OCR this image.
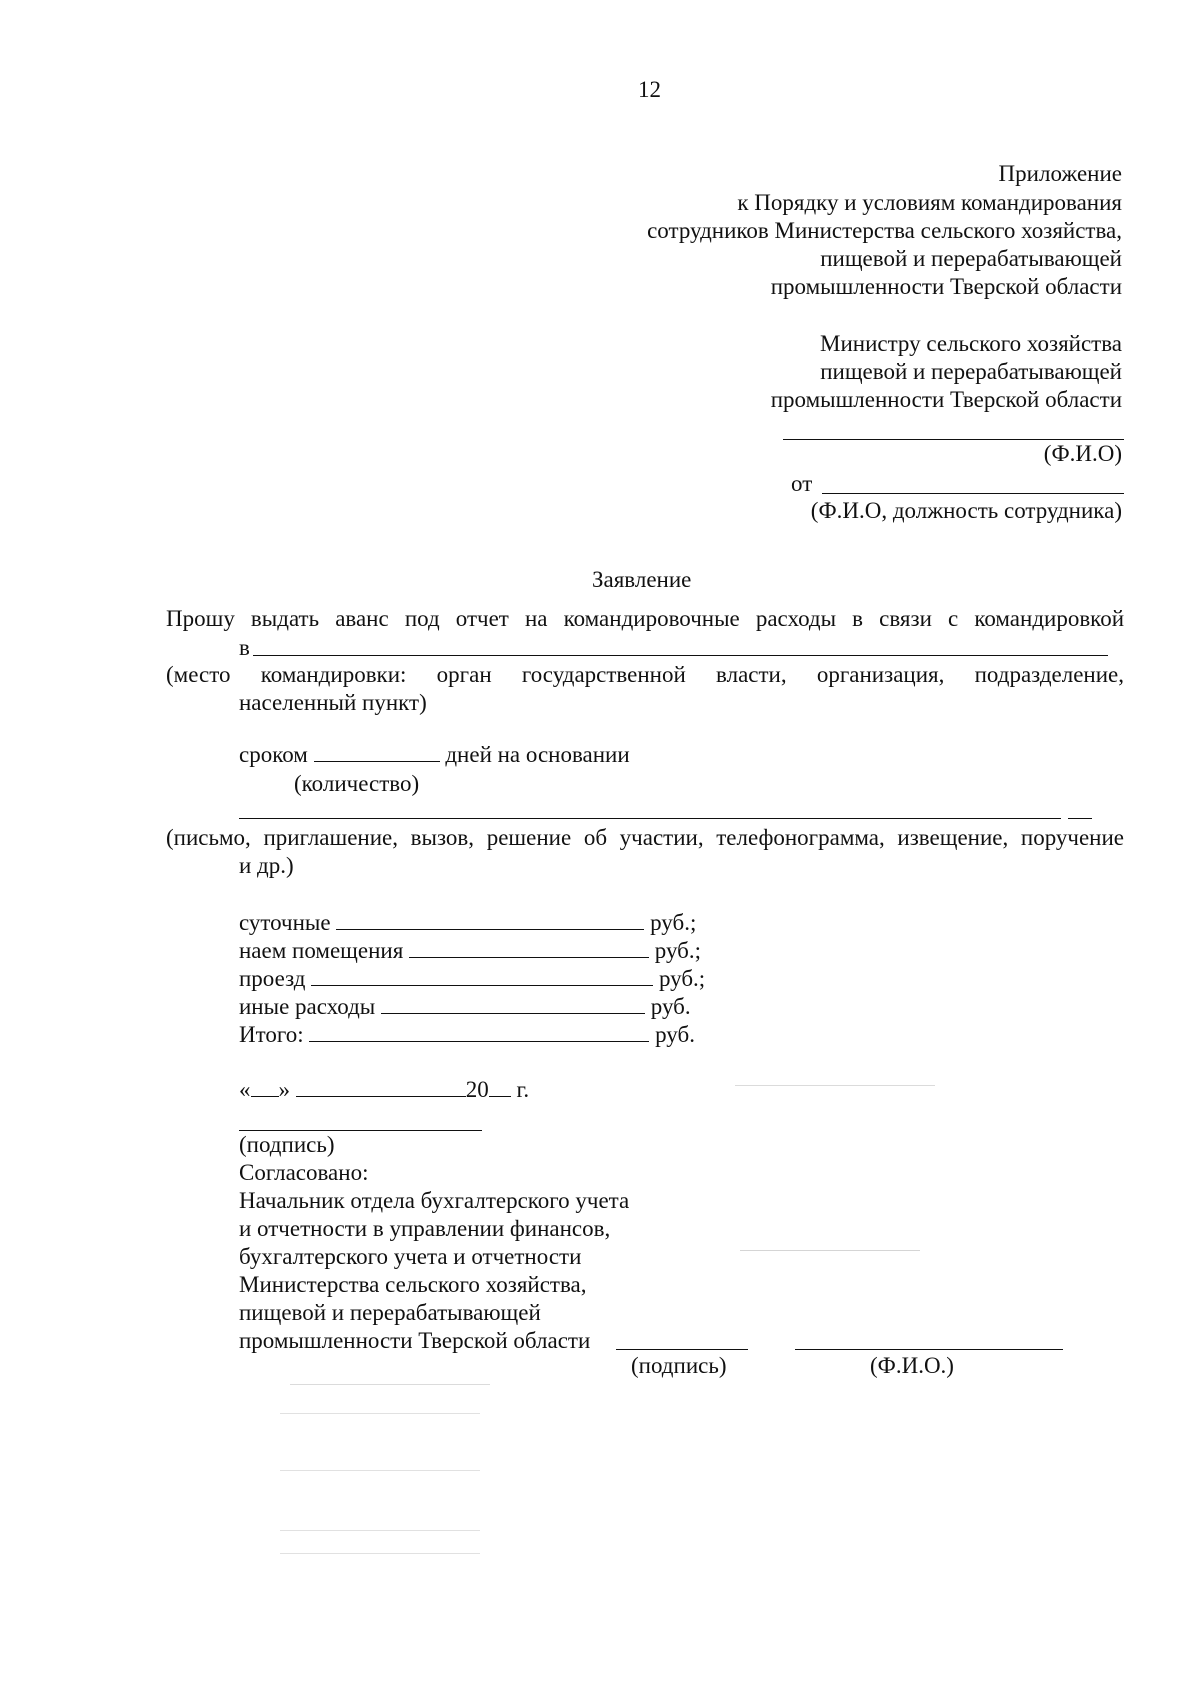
12
Приложение
к Порядку и условиям командирования
сотрудников Министерства сельского хозяйства,
пищевой и перерабатывающей
промышленности Тверской области
Министру сельского хозяйства
пищевой и перерабатывающей
промышленности Тверской области
(Ф.И.О)
от
(Ф.И.О, должность сотрудника)
Заявление
Прошу выдать аванс под отчет на командировочные расходы в связи с командировкой
в
(место командировки: орган государственной власти, организация, подразделение,
населенный пункт)
сроком	дней на основании
(количество)
(письмо, приглашение, вызов, решение об участии, телефонограмма, извещение, поручение
и др.)
суточные	руб.;
наем помещения	руб.;
проезд	руб.;
иные расходы	руб.
Итого:	руб.
« »	20 г.
(подпись)
Согласовано:
Начальник отдела бухгалтерского учета
и отчетности в управлении финансов,
бухгалтерского учета и отчетности
Министерства сельского хозяйства,
пищевой и перерабатывающей
промышленности Тверской области
(подпись)	(Ф.И.О.)
